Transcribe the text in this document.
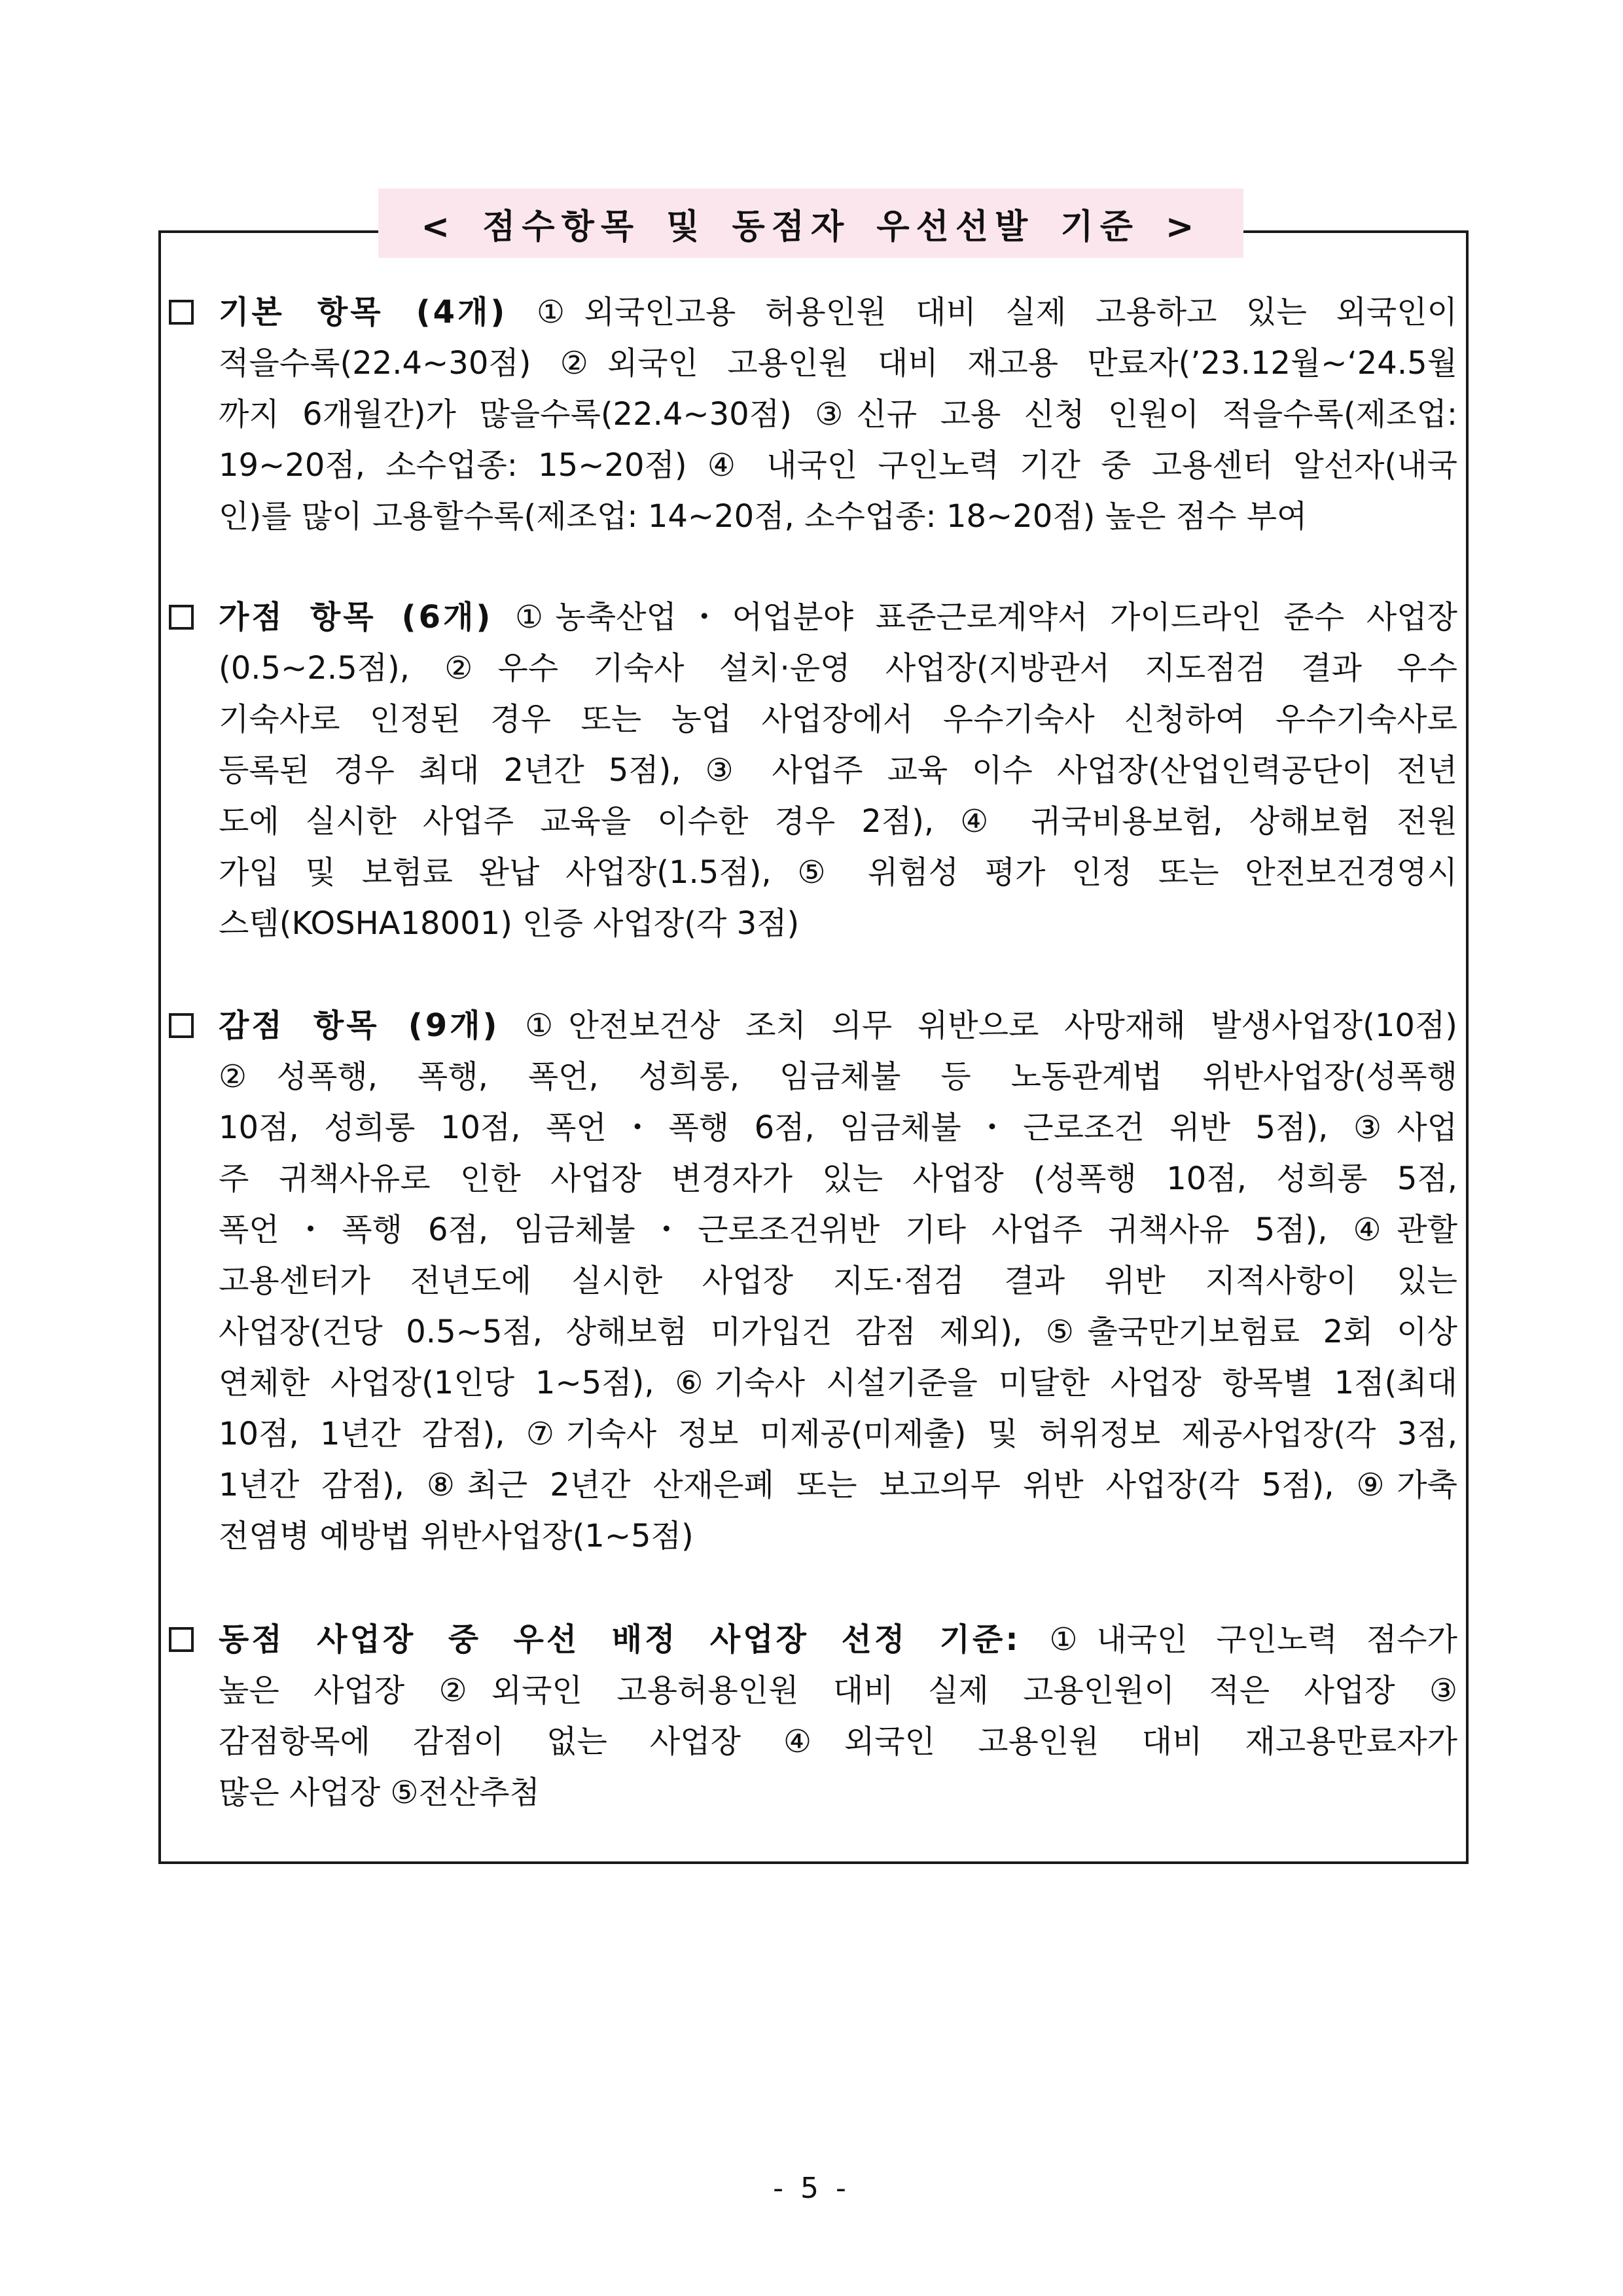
< 점수항목 및 동점자 우선선발 기준 >
기본 항목 (4개) ①외국인고용 허용인원 대비 실제 고용하고 있는 외국인이
적을수록(22.4∼30점) ②외국인 고용인원 대비 재고용 만료자(’23.12월∼‘24.5월
까지 6개월간)가 많을수록(22.4∼30점) ③신규 고용 신청 인원이 적을수록(제조업:
19∼20점, 소수업종: 15∼20점) ④ 내국인 구인노력 기간 중 고용센터 알선자(내국
인)를 많이 고용할수록(제조업: 14∼20점, 소수업종: 18∼20점) 높은 점수 부여
가점 항목 (6개) ①농축산업・어업분야 표준근로계약서 가이드라인 준수 사업장
(0.5∼2.5점), ②우수 기숙사 설치·운영 사업장(지방관서 지도점검 결과 우수
기숙사로 인정된 경우 또는 농업 사업장에서 우수기숙사 신청하여 우수기숙사로
등록된 경우 최대 2년간 5점), ③ 사업주 교육 이수 사업장(산업인력공단이 전년
도에 실시한 사업주 교육을 이수한 경우 2점), ④ 귀국비용보험, 상해보험 전원
가입 및 보험료 완납 사업장(1.5점), ⑤ 위험성 평가 인정 또는 안전보건경영시
스템(KOSHA18001) 인증 사업장(각 3점)
감점 항목 (9개) ①안전보건상 조치 의무 위반으로 사망재해 발생사업장(10점)
②성폭행, 폭행, 폭언, 성희롱, 임금체불 등 노동관계법 위반사업장(성폭행
10점, 성희롱 10점, 폭언・폭행 6점, 임금체불・근로조건 위반 5점), ③사업
주 귀책사유로 인한 사업장 변경자가 있는 사업장 (성폭행 10점, 성희롱 5점,
폭언・폭행 6점, 임금체불・근로조건위반 기타 사업주 귀책사유 5점), ④관할
고용센터가 전년도에 실시한 사업장 지도·점검 결과 위반 지적사항이 있는
사업장(건당 0.5∼5점, 상해보험 미가입건 감점 제외), ⑤출국만기보험료 2회 이상
연체한 사업장(1인당 1∼5점), ⑥기숙사 시설기준을 미달한 사업장 항목별 1점(최대
10점, 1년간 감점), ⑦기숙사 정보 미제공(미제출) 및 허위정보 제공사업장(각 3점,
1년간 감점), ⑧최근 2년간 산재은폐 또는 보고의무 위반 사업장(각 5점), ⑨가축
전염병 예방법 위반사업장(1∼5점)
동점 사업장 중 우선 배정 사업장 선정 기준: ①내국인 구인노력 점수가
높은 사업장 ②외국인 고용허용인원 대비 실제 고용인원이 적은 사업장 ③
감점항목에 감점이 없는 사업장 ④외국인 고용인원 대비 재고용만료자가
많은 사업장 ⑤전산추첨
- 5 -
